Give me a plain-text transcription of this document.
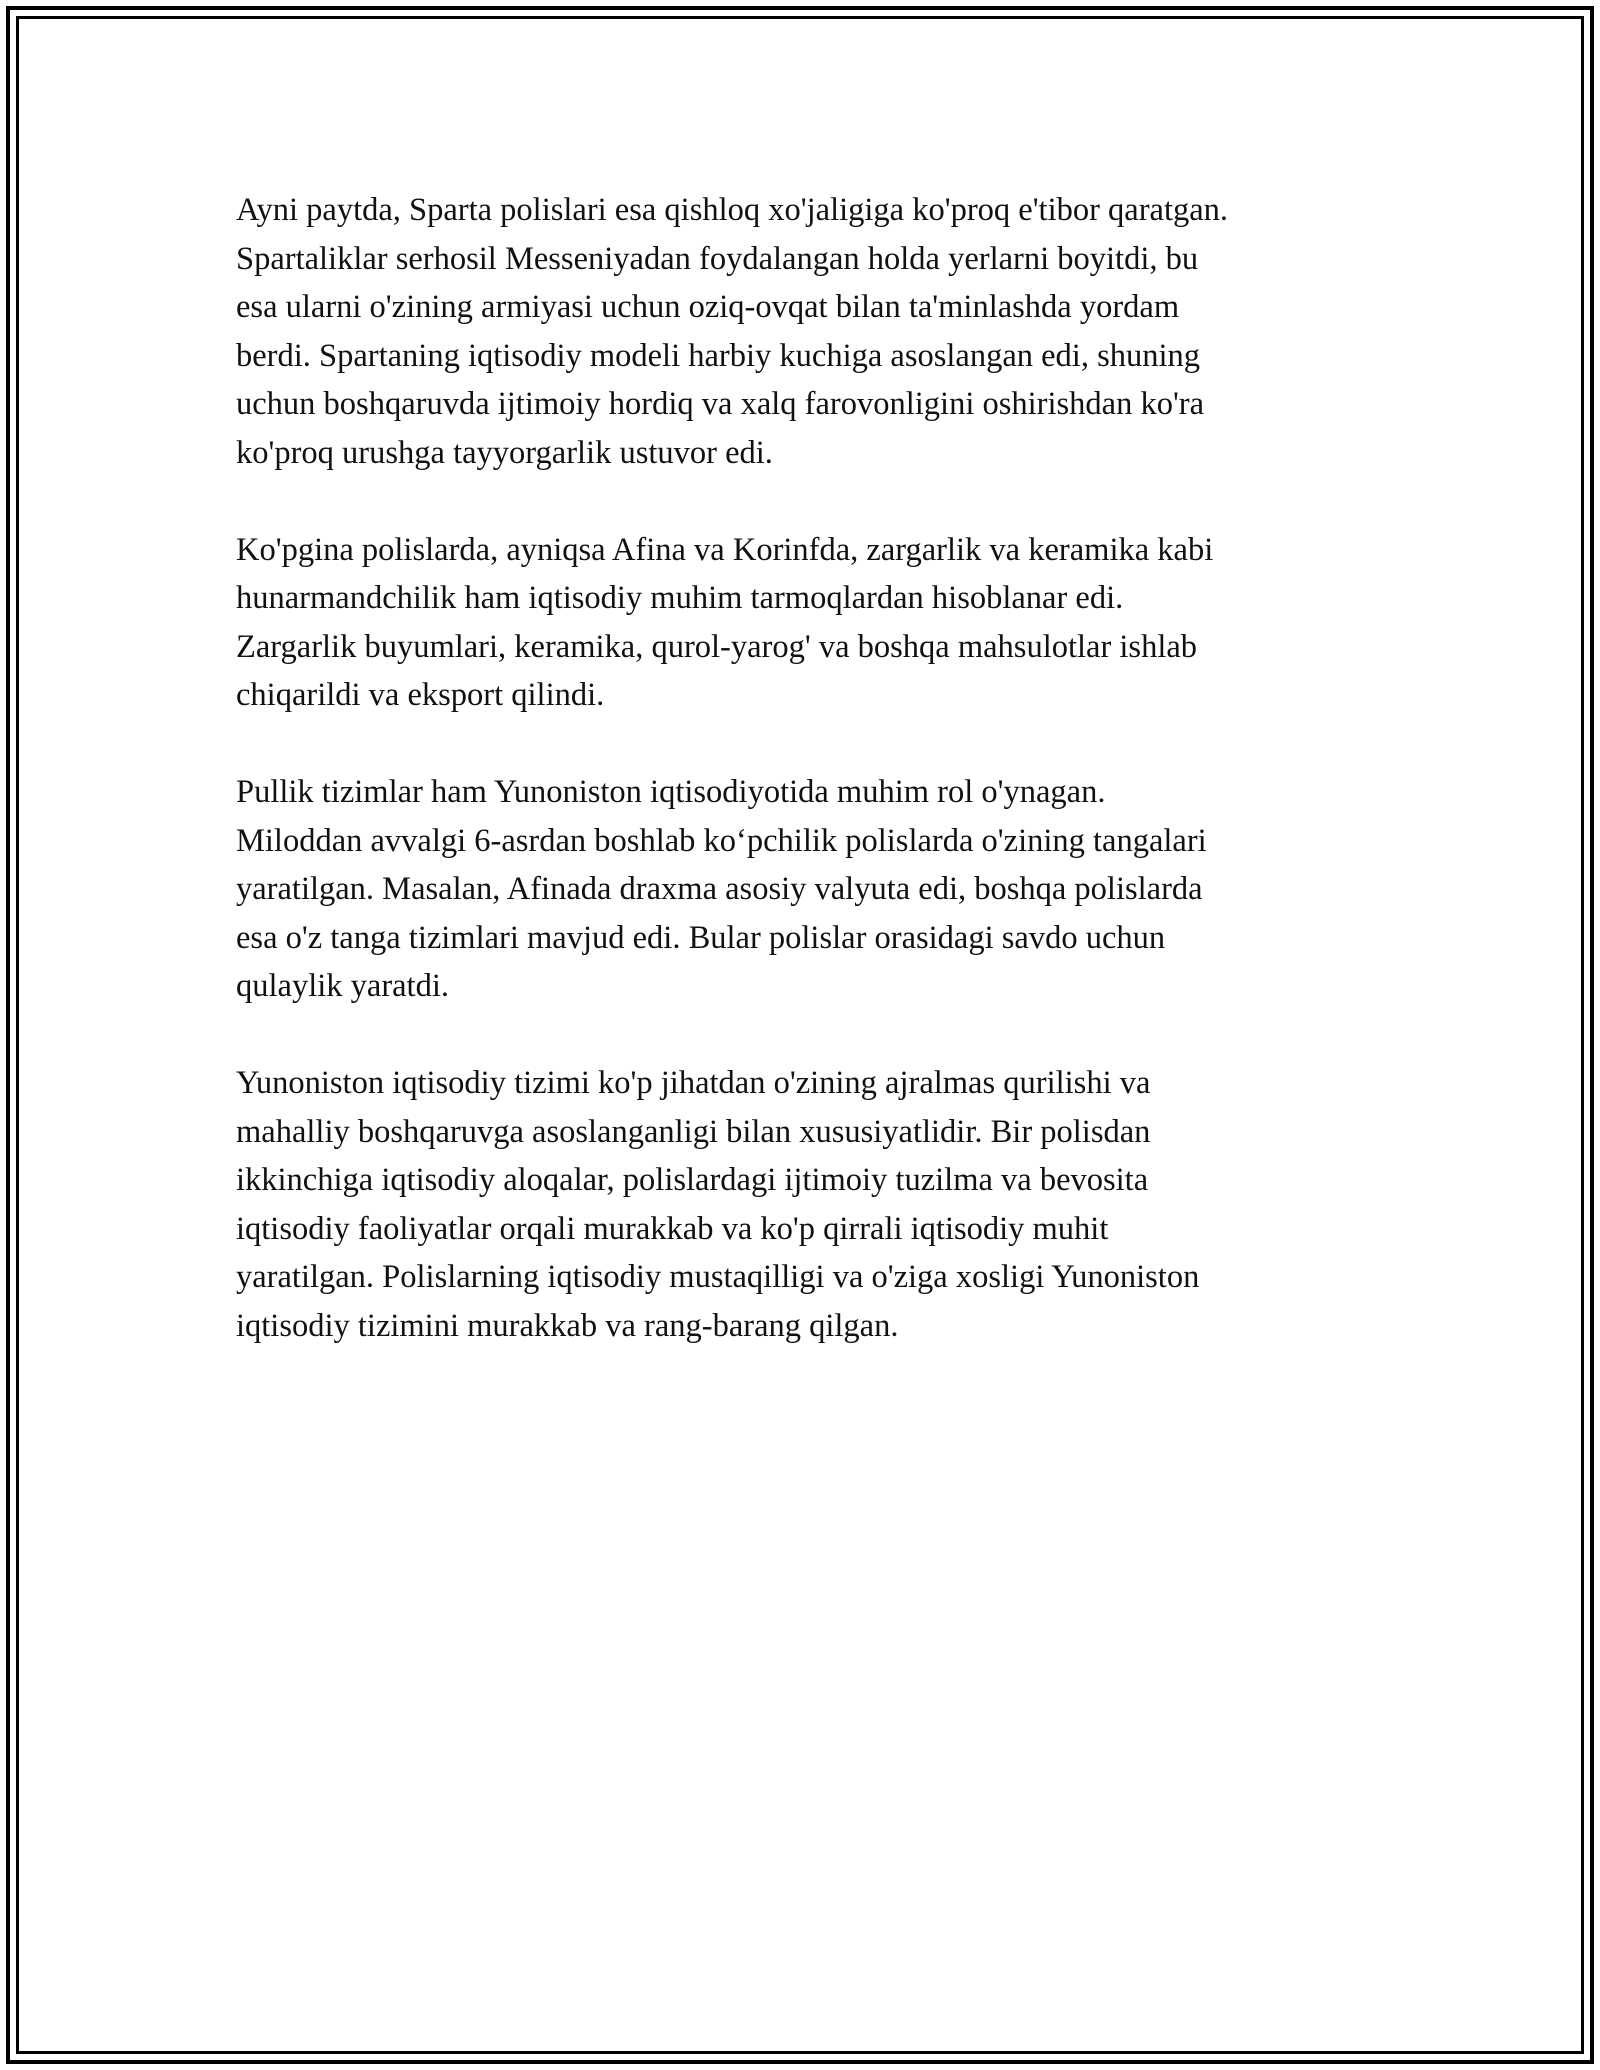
Ayni paytda, Sparta polislari esa qishloq xo'jaligiga ko'proq e'tibor qaratgan.
Spartaliklar serhosil Messeniyadan foydalangan holda yerlarni boyitdi, bu
esa ularni o'zining armiyasi uchun oziq-ovqat bilan ta'minlashda yordam
berdi. Spartaning iqtisodiy modeli harbiy kuchiga asoslangan edi, shuning
uchun boshqaruvda ijtimoiy hordiq va xalq farovonligini oshirishdan ko'ra
ko'proq urushga tayyorgarlik ustuvor edi.

Ko'pgina polislarda, ayniqsa Afina va Korinfda, zargarlik va keramika kabi
hunarmandchilik ham iqtisodiy muhim tarmoqlardan hisoblanar edi.
Zargarlik buyumlari, keramika, qurol-yarog' va boshqa mahsulotlar ishlab
chiqarildi va eksport qilindi.

Pullik tizimlar ham Yunoniston iqtisodiyotida muhim rol o'ynagan.
Miloddan avvalgi 6-asrdan boshlab ko‘pchilik polislarda o'zining tangalari
yaratilgan. Masalan, Afinada draxma asosiy valyuta edi, boshqa polislarda
esa o'z tanga tizimlari mavjud edi. Bular polislar orasidagi savdo uchun
qulaylik yaratdi.

Yunoniston iqtisodiy tizimi ko'p jihatdan o'zining ajralmas qurilishi va
mahalliy boshqaruvga asoslanganligi bilan xususiyatlidir. Bir polisdan
ikkinchiga iqtisodiy aloqalar, polislardagi ijtimoiy tuzilma va bevosita
iqtisodiy faoliyatlar orqali murakkab va ko'p qirrali iqtisodiy muhit
yaratilgan. Polislarning iqtisodiy mustaqilligi va o'ziga xosligi Yunoniston
iqtisodiy tizimini murakkab va rang-barang qilgan.
